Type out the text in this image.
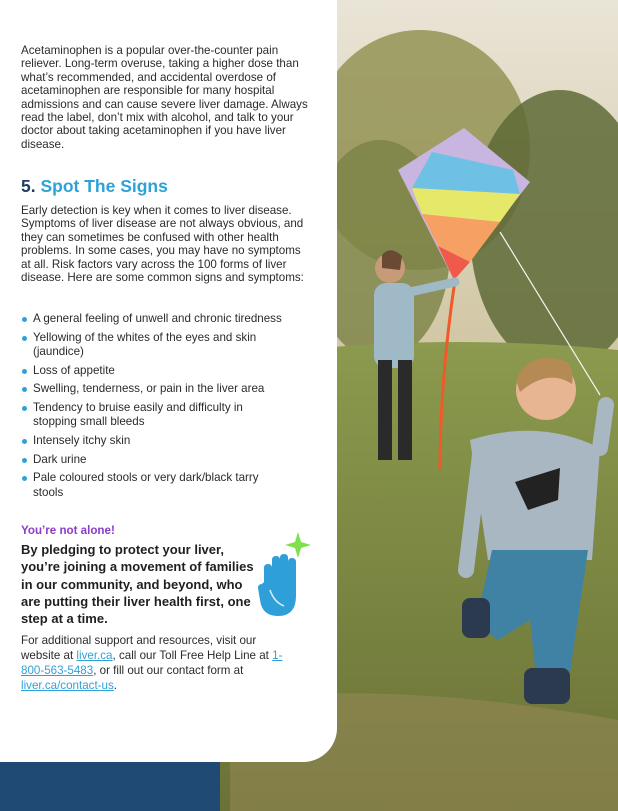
Acetaminophen is a popular over-the-counter pain reliever. Long-term overuse, taking a higher dose than what’s recommended, and accidental overdose of acetaminophen are responsible for many hospital admissions and can cause severe liver damage. Always read the label, don’t mix with alcohol, and talk to your doctor about taking acetaminophen if you have liver disease.

5. Spot The Signs

Early detection is key when it comes to liver disease. Symptoms of liver disease are not always obvious, and they can sometimes be confused with other health problems. In some cases, you may have no symptoms at all. Risk factors vary across the 100 forms of liver disease. Here are some common signs and symptoms:

A general feeling of unwell and chronic tiredness
Yellowing of the whites of the eyes and skin (jaundice)
Loss of appetite
Swelling, tenderness, or pain in the liver area
Tendency to bruise easily and difficulty in stopping small bleeds
Intensely itchy skin
Dark urine
Pale coloured stools or very dark/black tarry stools
You’re not alone!
By pledging to protect your liver, you’re joining a movement of families in our community, and beyond, who are putting their liver health first, one step at a time.

For additional support and resources, visit our website at liver.ca, call our Toll Free Help Line at 1-800-563-5483, or fill out our contact form at liver.ca/contact-us.
